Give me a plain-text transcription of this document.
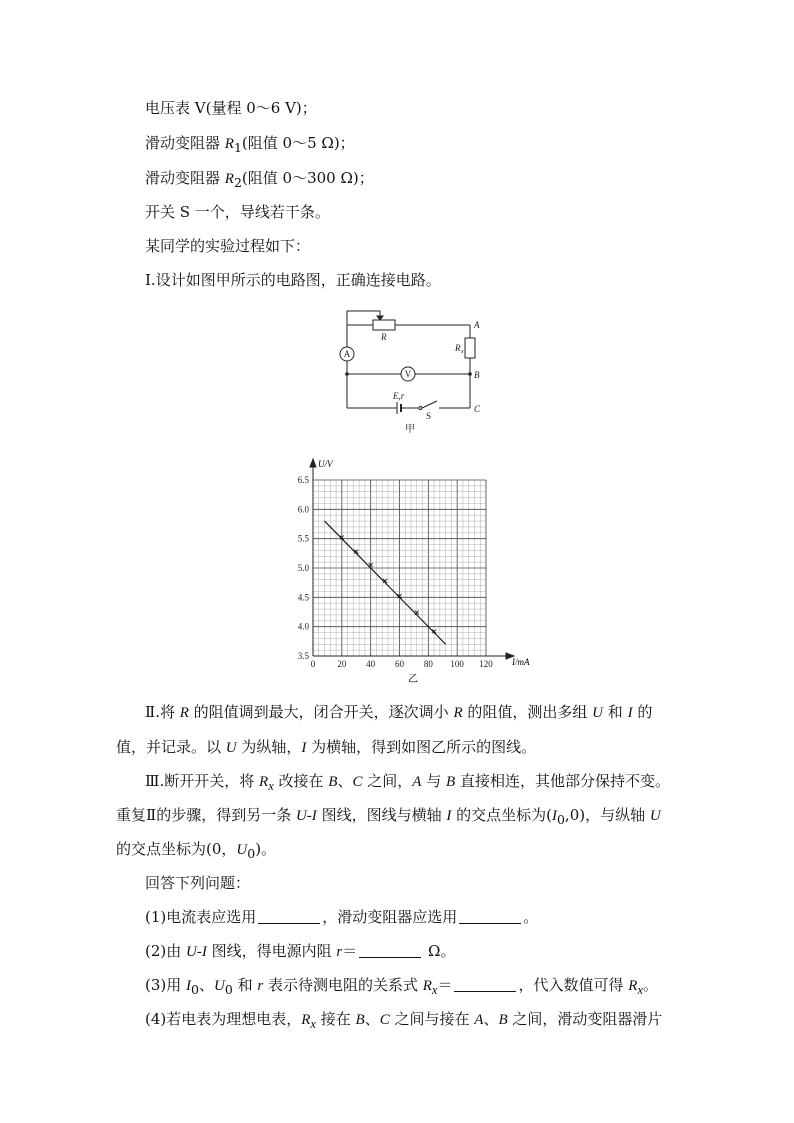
电压表 V(量程 0～6 V)；
滑动变阻器 $R_1$(阻值 0～5 Ω)；
滑动变阻器 $R_2$(阻值 0～300 Ω)；
开关 S 一个，导线若干条。
某同学的实验过程如下：
Ⅰ.设计如图甲所示的电路图，正确连接电路。
A
V
R
A
B
C
R x
E,r
S
甲
3.5
4.0
4.5
5.0
5.5
6.0
6.5
0 20 40 60 80 100 120
U/V
I/mA
乙
Ⅱ.将 R 的阻值调到最大，闭合开关，逐次调小 R 的阻值，测出多组 U 和 I 的
值，并记录。以 U 为纵轴，I 为横轴，得到如图乙所示的图线。
Ⅲ.断开开关，将 $R_x$ 改接在 B、C 之间，A 与 B 直接相连，其他部分保持不变。
重复Ⅱ的步骤，得到另一条 U-I 图线，图线与横轴 I 的交点坐标为$(I_0,0)$，与纵轴 U
的交点坐标为(0，$U_0$)。
回答下列问题：
(1)电流表应选用	，滑动变阻器应选用	。
(2)由 U-I 图线，得电源内阻 r＝	Ω。
(3)用 $I_0$、$U_0$ 和 r 表示待测电阻的关系式 $R_x=$	，代入数值可得 $R_x$。
(4)若电表为理想电表，$R_x$ 接在 B、C 之间与接在 A、B 之间，滑动变阻器滑片
